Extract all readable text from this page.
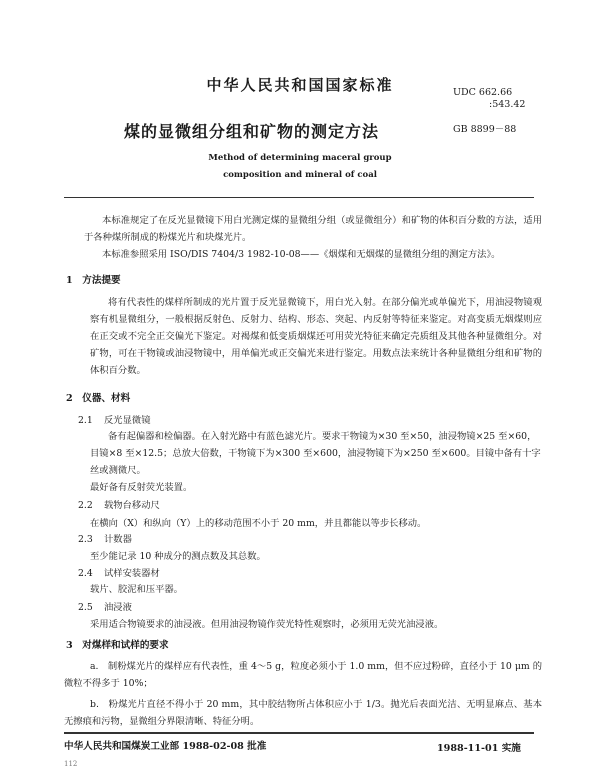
中华人民共和国国家标准	UDC 662.66
:543.42
煤的显微组分组和矿物的测定方法	GB 8899－88
Method of determining maceral group
composition and mineral of coal
本标准规定了在反光显微镜下用白光测定煤的显微组分组（或显微组分）和矿物的体积百分数的方法，适用于各种煤所制成的粉煤光片和块煤光片。
本标准参照采用 ISO/DIS 7404/3 1982-10-08——《烟煤和无烟煤的显微组分组的测定方法》。
1　方法提要
将有代表性的煤样所制成的光片置于反光显微镜下，用白光入射。在部分偏光或单偏光下，用油浸物镜观察有机显微组分，一般根据反射色、反射力、结构、形态、突起、内反射等特征来鉴定。对高变质无烟煤则应在正交或不完全正交偏光下鉴定。对褐煤和低变质烟煤还可用荧光特征来确定壳质组及其他各种显微组分。对矿物，可在干物镜或油浸物镜中，用单偏光或正交偏光来进行鉴定。用数点法来统计各种显微组分组和矿物的体积百分数。
2　仪器、材料
2.1 反光显微镜
备有起偏器和检偏器。在入射光路中有蓝色滤光片。要求干物镜为×30 至×50，油浸物镜×25 至×60，目镜×8 至×12.5；总放大倍数，干物镜下为×300 至×600，油浸物镜下为×250 至×600。目镜中备有十字丝或测微尺。
最好备有反射荧光装置。
2.2 载物台移动尺
在横向（X）和纵向（Y）上的移动范围不小于 20 mm，并且都能以等步长移动。
2.3 计数器
至少能记录 10 种成分的测点数及其总数。
2.4 试样安装器材
载片、胶泥和压平器。
2.5 油浸液
采用适合物镜要求的油浸液。但用油浸物镜作荧光特性观察时，必须用无荧光油浸液。
3　对煤样和试样的要求
a.　制粉煤光片的煤样应有代表性，重 4～5 g，粒度必须小于 1.0 mm，但不应过粉碎，直径小于 10 μm 的微粒不得多于 10%；
b.　粉煤光片直径不得小于 20 mm，其中胶结物所占体积应小于 1/3。抛光后表面光洁、无明显麻点、基本无擦痕和污物，显微组分界限清晰、特征分明。
中华人民共和国煤炭工业部 1988-02-08 批准	1988-11-01 实施
112
